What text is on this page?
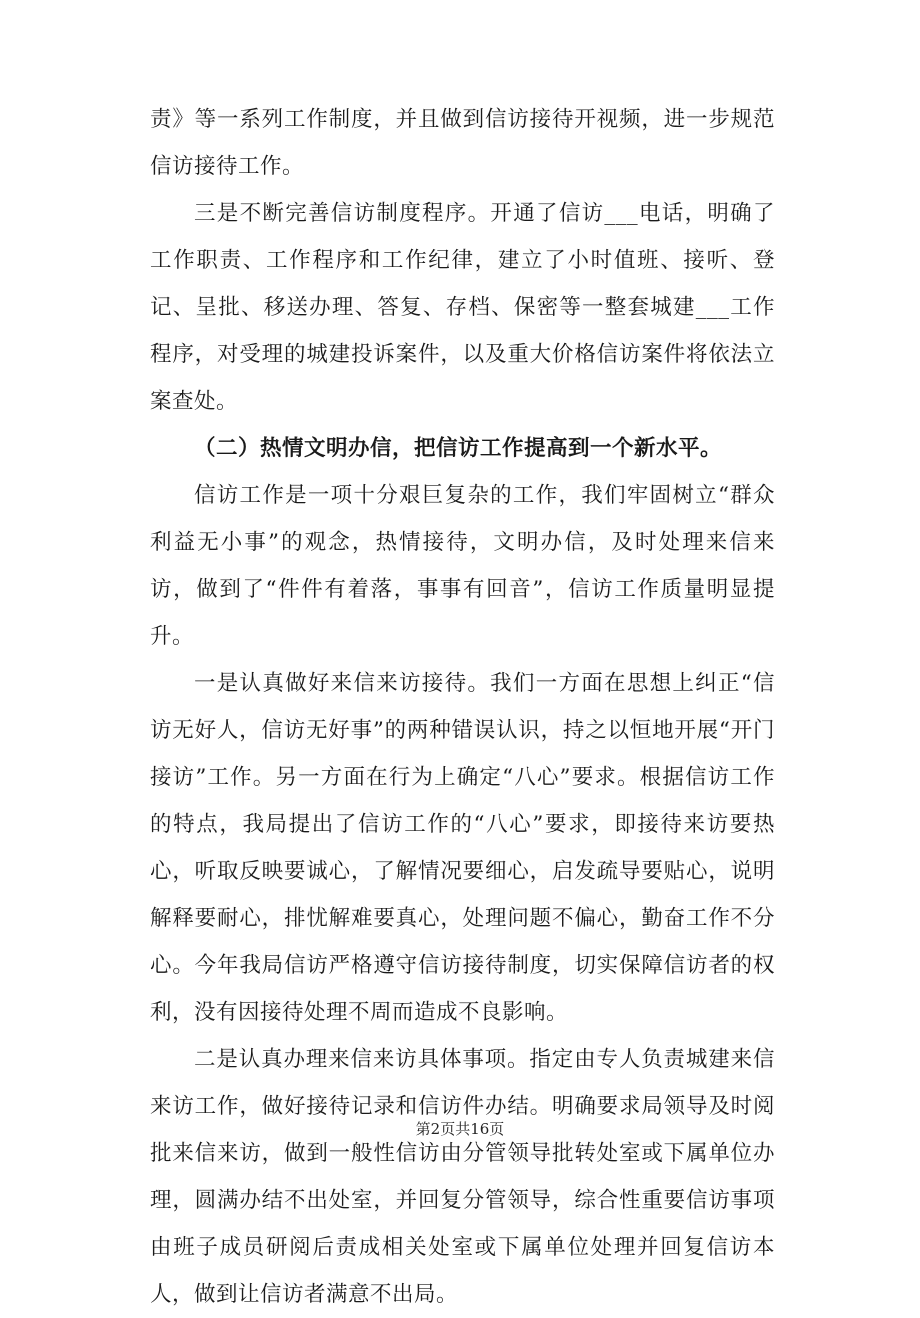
责》等一系列工作制度，并且做到信访接待开视频，进一步规范信访接待工作。

三是不断完善信访制度程序。开通了信访___电话，明确了工作职责、工作程序和工作纪律，建立了小时值班、接听、登记、呈批、移送办理、答复、存档、保密等一整套城建___工作程序，对受理的城建投诉案件，以及重大价格信访案件将依法立案查处。

（二）热情文明办信，把信访工作提高到一个新水平。

信访工作是一项十分艰巨复杂的工作，我们牢固树立“群众利益无小事”的观念，热情接待，文明办信，及时处理来信来访，做到了“件件有着落，事事有回音”，信访工作质量明显提升。

一是认真做好来信来访接待。我们一方面在思想上纠正“信访无好人，信访无好事”的两种错误认识，持之以恒地开展“开门接访”工作。另一方面在行为上确定“八心”要求。根据信访工作的特点，我局提出了信访工作的“八心”要求，即接待来访要热心，听取反映要诚心，了解情况要细心，启发疏导要贴心，说明解释要耐心，排忧解难要真心，处理问题不偏心，勤奋工作不分心。今年我局信访严格遵守信访接待制度，切实保障信访者的权利，没有因接待处理不周而造成不良影响。

二是认真办理来信来访具体事项。指定由专人负责城建来信来访工作，做好接待记录和信访件办结。明确要求局领导及时阅批来信来访，做到一般性信访由分管领导批转处室或下属单位办理，圆满办结不出处室，并回复分管领导，综合性重要信访事项由班子成员研阅后责成相关处室或下属单位处理并回复信访本人，做到让信访者满意不出局。

第2页共16页
